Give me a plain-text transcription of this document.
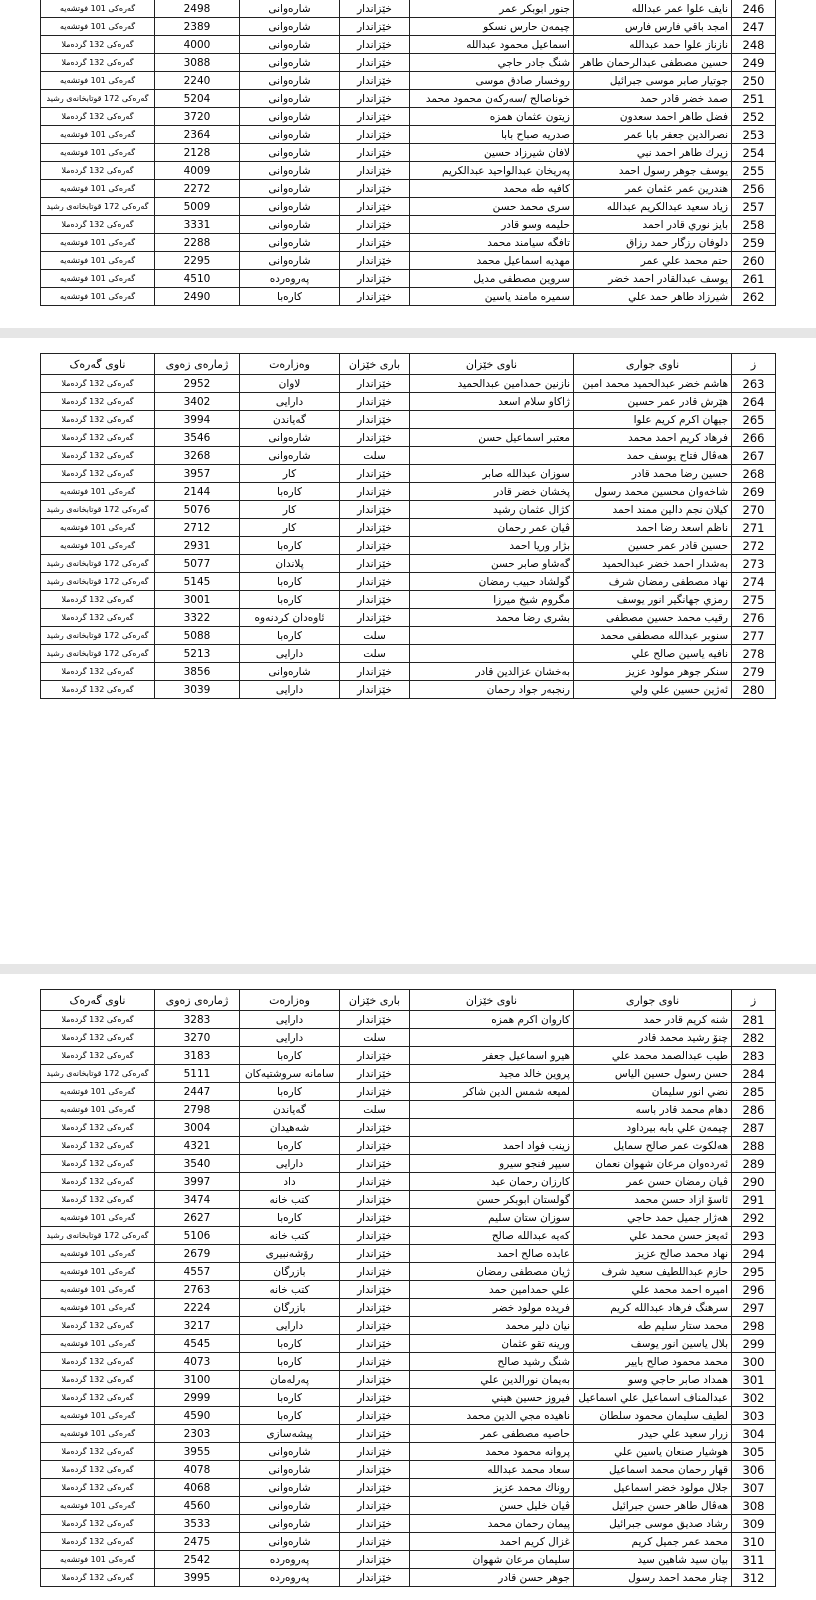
246	نايف علوا عمر عبدالله	جنور ابوبكر عمر	خێزاندار	شارەوانی	2498	گەرەکی 101 فوتشەیە
247	امجد باقي فارس فارس	چیمەن حارس نسكو	خێزاندار	شارەوانی	2389	گەرەکی 101 فوتشەیە
248	نازناز علوا حمد عبدالله	اسماعيل محمود عبدالله	خێزاندار	شارەوانی	4000	گەرەکی 132 گردەملا
249	حسين مصطفى عبدالرحمان طاهر	شنگ جادر حاجي	خێزاندار	شارەوانی	3088	گەرەکی 132 گردەملا
250	جوتيار صابر موسى جبرائيل	روخسار صادق موسى	خێزاندار	شارەوانی	2240	گەرەکی 101 فوتشەیە
251	صمد خضر قادر حمد	خوناصالح /سەرکەن محمود محمد	خێزاندار	شارەوانی	5204	گەرەکی 172 قوتابخانەی رشید
252	فضل طاهر احمد سعدون	زيتون عثمان همزه	خێزاندار	شارەوانی	3720	گەرەکی 132 گردەملا
253	نصرالدين جعفر بابا عمر	صدريه صباح بابا	خێزاندار	شارەوانی	2364	گەرەکی 101 فوتشەیە
254	زيرك طاهر احمد نبي	لافان شيرزاد حسين	خێزاندار	شارەوانی	2128	گەرەکی 101 فوتشەیە
255	يوسف جوهر رسول احمد	پەریخان عبدالواحيد عبدالكريم	خێزاندار	شارەوانی	4009	گەرەکی 132 گردەملا
256	هندرين عمر عثمان عمر	كافيه طه محمد	خێزاندار	شارەوانی	2272	گەرەکی 101 فوتشەیە
257	زياد سعيد عبدالكريم عبدالله	سرى محمد حسن	خێزاندار	شارەوانی	5009	گەرەکی 172 قوتابخانەی رشید
258	بايز نوري قادر احمد	حليمه وسو قادر	خێزاندار	شارەوانی	3331	گەرەکی 132 گردەملا
259	دلوفان رزگار حمد رزاق	تافگە سيامند محمد	خێزاندار	شارەوانی	2288	گەرەکی 101 فوتشەیە
260	حتم محمد علي عمر	مهديه اسماعيل محمد	خێزاندار	شارەوانی	2295	گەرەکی 101 فوتشەیە
261	يوسف عبدالقادر احمد خضر	سروين مصطفى مديل	خێزاندار	پەروەردە	4510	گەرەکی 101 فوتشەیە
262	شيرزاد طاهر حمد علي	سميره مامند ياسين	خێزاندار	کارەبا	2490	گەرەکی 101 فوتشەیە
ز	ناوی جواری	ناوی خێزان	باری خێزان	وەزارەت	ژمارەی زەوی	ناوی گەرەک
263	هاشم خضر عبدالحميد محمد امين	نازنين حمدامين عبدالحميد	خێزاندار	لاوان	2952	گەرەکی 132 گردەملا
264	هێرش قادر عمر حسين	ژاكاو سلام اسعد	خێزاندار	دارایی	3402	گەرەکی 132 گردەملا
265	جيهان اكرم كريم علوا		خێزاندار	گەیاندن	3994	گەرەکی 132 گردەملا
266	فرهاد كريم احمد محمد	معتبر اسماعيل حسن	خێزاندار	شارەوانی	3546	گەرەکی 132 گردەملا
267	هەڤال فتاح يوسف حمد		سلت	شارەوانی	3268	گەرەکی 132 گردەملا
268	حسين رضا محمد قادر	سوزان عبدالله صابر	خێزاندار	کار	3957	گەرەکی 132 گردەملا
269	شاخەوان محسين محمد رسول	پخشان خضر قادر	خێزاندار	کارەبا	2144	گەرەکی 101 فوتشەیە
270	كيلان نجم دالين ممند احمد	كژال عثمان رشيد	خێزاندار	کار	5076	گەرەکی 172 قوتابخانەی رشید
271	ناظم اسعد رضا احمد	ڤيان عمر رحمان	خێزاندار	کار	2712	گەرەکی 101 فوتشەیە
272	حسين قادر عمر حسين	بژار وريا احمد	خێزاندار	کارەبا	2931	گەرەکی 101 فوتشەیە
273	بەشدار احمد خضر عبدالحميد	گەشاو صابر حسن	خێزاندار	پلاندان	5077	گەرەکی 172 قوتابخانەی رشید
274	نهاد مصطفى رمضان شرف	گولشاد حبيب رمضان	خێزاندار	کارەبا	5145	گەرەکی 172 قوتابخانەی رشید
275	رمزي جهانگير انور يوسف	مگروم شيخ ميرزا	خێزاندار	کارەبا	3001	گەرەکی 132 گردەملا
276	رقيب محمد حسين مصطفى	بشرى رضا محمد	خێزاندار	ئاوەدان کردنەوە	3322	گەرەکی 132 گردەملا
277	سنوبر عبدالله مصطفى محمد		سلت	کارەبا	5088	گەرەکی 172 قوتابخانەی رشید
278	نافيه ياسين صالح علي		سلت	دارایی	5213	گەرەکی 172 قوتابخانەی رشید
279	سنكر جوهر مولود عزيز	بەخشان عزالدين قادر	خێزاندار	شارەوانی	3856	گەرەکی 132 گردەملا
280	ئەژين حسين علي ولي	رنجبەر جواد رحمان	خێزاندار	دارایی	3039	گەرەکی 132 گردەملا
ز	ناوی جواری	ناوی خێزان	باری خێزان	وەزارەت	ژمارەی زەوی	ناوی گەرەک
281	شنه كريم قادر حمد	كاروان اكرم همزه	خێزاندار	دارایی	3283	گەرەکی 132 گردەملا
282	چنۆ رشيد محمد قادر		سلت	دارایی	3270	گەرەکی 132 گردەملا
283	طيب عبدالصمد محمد علي	هيرو اسماعيل جعفر	خێزاندار	کارەبا	3183	گەرەکی 132 گردەملا
284	حسن رسول حسين الياس	پروين خالد مجيد	خێزاندار	سامانە سروشتیەکان	5111	گەرەکی 172 قوتابخانەی رشید
285	نضي انور سليمان	لميعه شمس الدين شاكر	خێزاندار	کارەبا	2447	گەرەکی 101 فوتشەیە
286	دهام محمد قادر باسه		سلت	گەیاندن	2798	گەرەکی 101 فوتشەیە
287	چیمەن علي بابه بيرداود		خێزاندار	شەهیدان	3004	گەرەکی 132 گردەملا
288	هەلکوت عمر صالح سمايل	زينب فواد احمد	خێزاندار	کارەبا	4321	گەرەکی 132 گردەملا
289	ئەردەوان مرعان شهوان نعمان	سيپر فنجو سيرو	خێزاندار	دارایی	3540	گەرەکی 132 گردەملا
290	ڤيان رمضان حسن عمر	كارزان رحمان عبد	خێزاندار	داد	3997	گەرەکی 132 گردەملا
291	ئاسۆ ازاد حسن محمد	گولستان ابوبكر حسن	خێزاندار	کتب خانه	3474	گەرەکی 132 گردەملا
292	هەژار جميل حمد حاجي	سوزان ستان سليم	خێزاندار	کارەبا	2627	گەرەکی 101 فوتشەیە
293	ئەيعز حسن محمد علي	كەيه عبدالله صالح	خێزاندار	کتب خانه	5106	گەرەکی 172 قوتابخانەی رشید
294	نهاد محمد صالح عزيز	عابده صالح احمد	خێزاندار	رۆشەنبیری	2679	گەرەکی 101 فوتشەیە
295	حازم عبداللطيف سعيد شرف	ژيان مصطفى رمضان	خێزاندار	بازرگان	4557	گەرەکی 101 فوتشەیە
296	اميره احمد محمد علي	علي حمدامين حمد	خێزاندار	کتب خانه	2763	گەرەکی 101 فوتشەیە
297	سرهنگ فرهاد عبدالله كريم	فريده مولود خضر	خێزاندار	بازرگان	2224	گەرەکی 101 فوتشەیە
298	محمد ستار سليم طه	نيان دلير محمد	خێزاندار	دارایی	3217	گەرەکی 132 گردەملا
299	بلال ياسين انور يوسف	ورينه تقو عثمان	خێزاندار	کارەبا	4545	گەرەکی 101 فوتشەیە
300	محمد محمود صالح بايير	شنگ رشيد صالح	خێزاندار	کارەبا	4073	گەرەکی 132 گردەملا
301	همداد صابر حاجي وسو	بەیمان نورالدين علي	خێزاندار	پەرلەمان	3100	گەرەکی 132 گردەملا
302	عبدالمناف اسماعيل علي اسماعيل	فيروز حسين هيني	خێزاندار	کارەبا	2999	گەرەکی 132 گردەملا
303	لطيف سليمان محمود سلطان	ناهيده مجي الدين محمد	خێزاندار	کارەبا	4590	گەرەکی 101 فوتشەیە
304	زرار سعيد علي حيدر	حاصيه مصطفى عمر	خێزاندار	پیشەسازی	2303	گەرەکی 101 فوتشەیە
305	هوشيار صنعان ياسين علي	پروانه محمود محمد	خێزاندار	شارەوانی	3955	گەرەکی 132 گردەملا
306	قهار رحمان محمد اسماعيل	سعاد محمد عبدالله	خێزاندار	شارەوانی	4078	گەرەکی 132 گردەملا
307	جلال مولود خضر اسماعيل	روناك محمد عزيز	خێزاندار	شارەوانی	4068	گەرەکی 132 گردەملا
308	هەڤال طاهر حسن جبرائيل	ڤيان خليل حسن	خێزاندار	شارەوانی	4560	گەرەکی 101 فوتشەیە
309	رشاد صديق موسى جبرائيل	پيمان رحمان محمد	خێزاندار	شارەوانی	3533	گەرەکی 132 گردەملا
310	محمد عمر جميل كريم	غزال كريم احمد	خێزاندار	شارەوانی	2475	گەرەکی 132 گردەملا
311	بيان سيد شاهين سيد	سليمان مرعان شهوان	خێزاندار	پەروەردە	2542	گەرەکی 101 فوتشەیە
312	چنار محمد احمد رسول	جوهر حسن قادر	خێزاندار	پەروەردە	3995	گەرەکی 132 گردەملا
